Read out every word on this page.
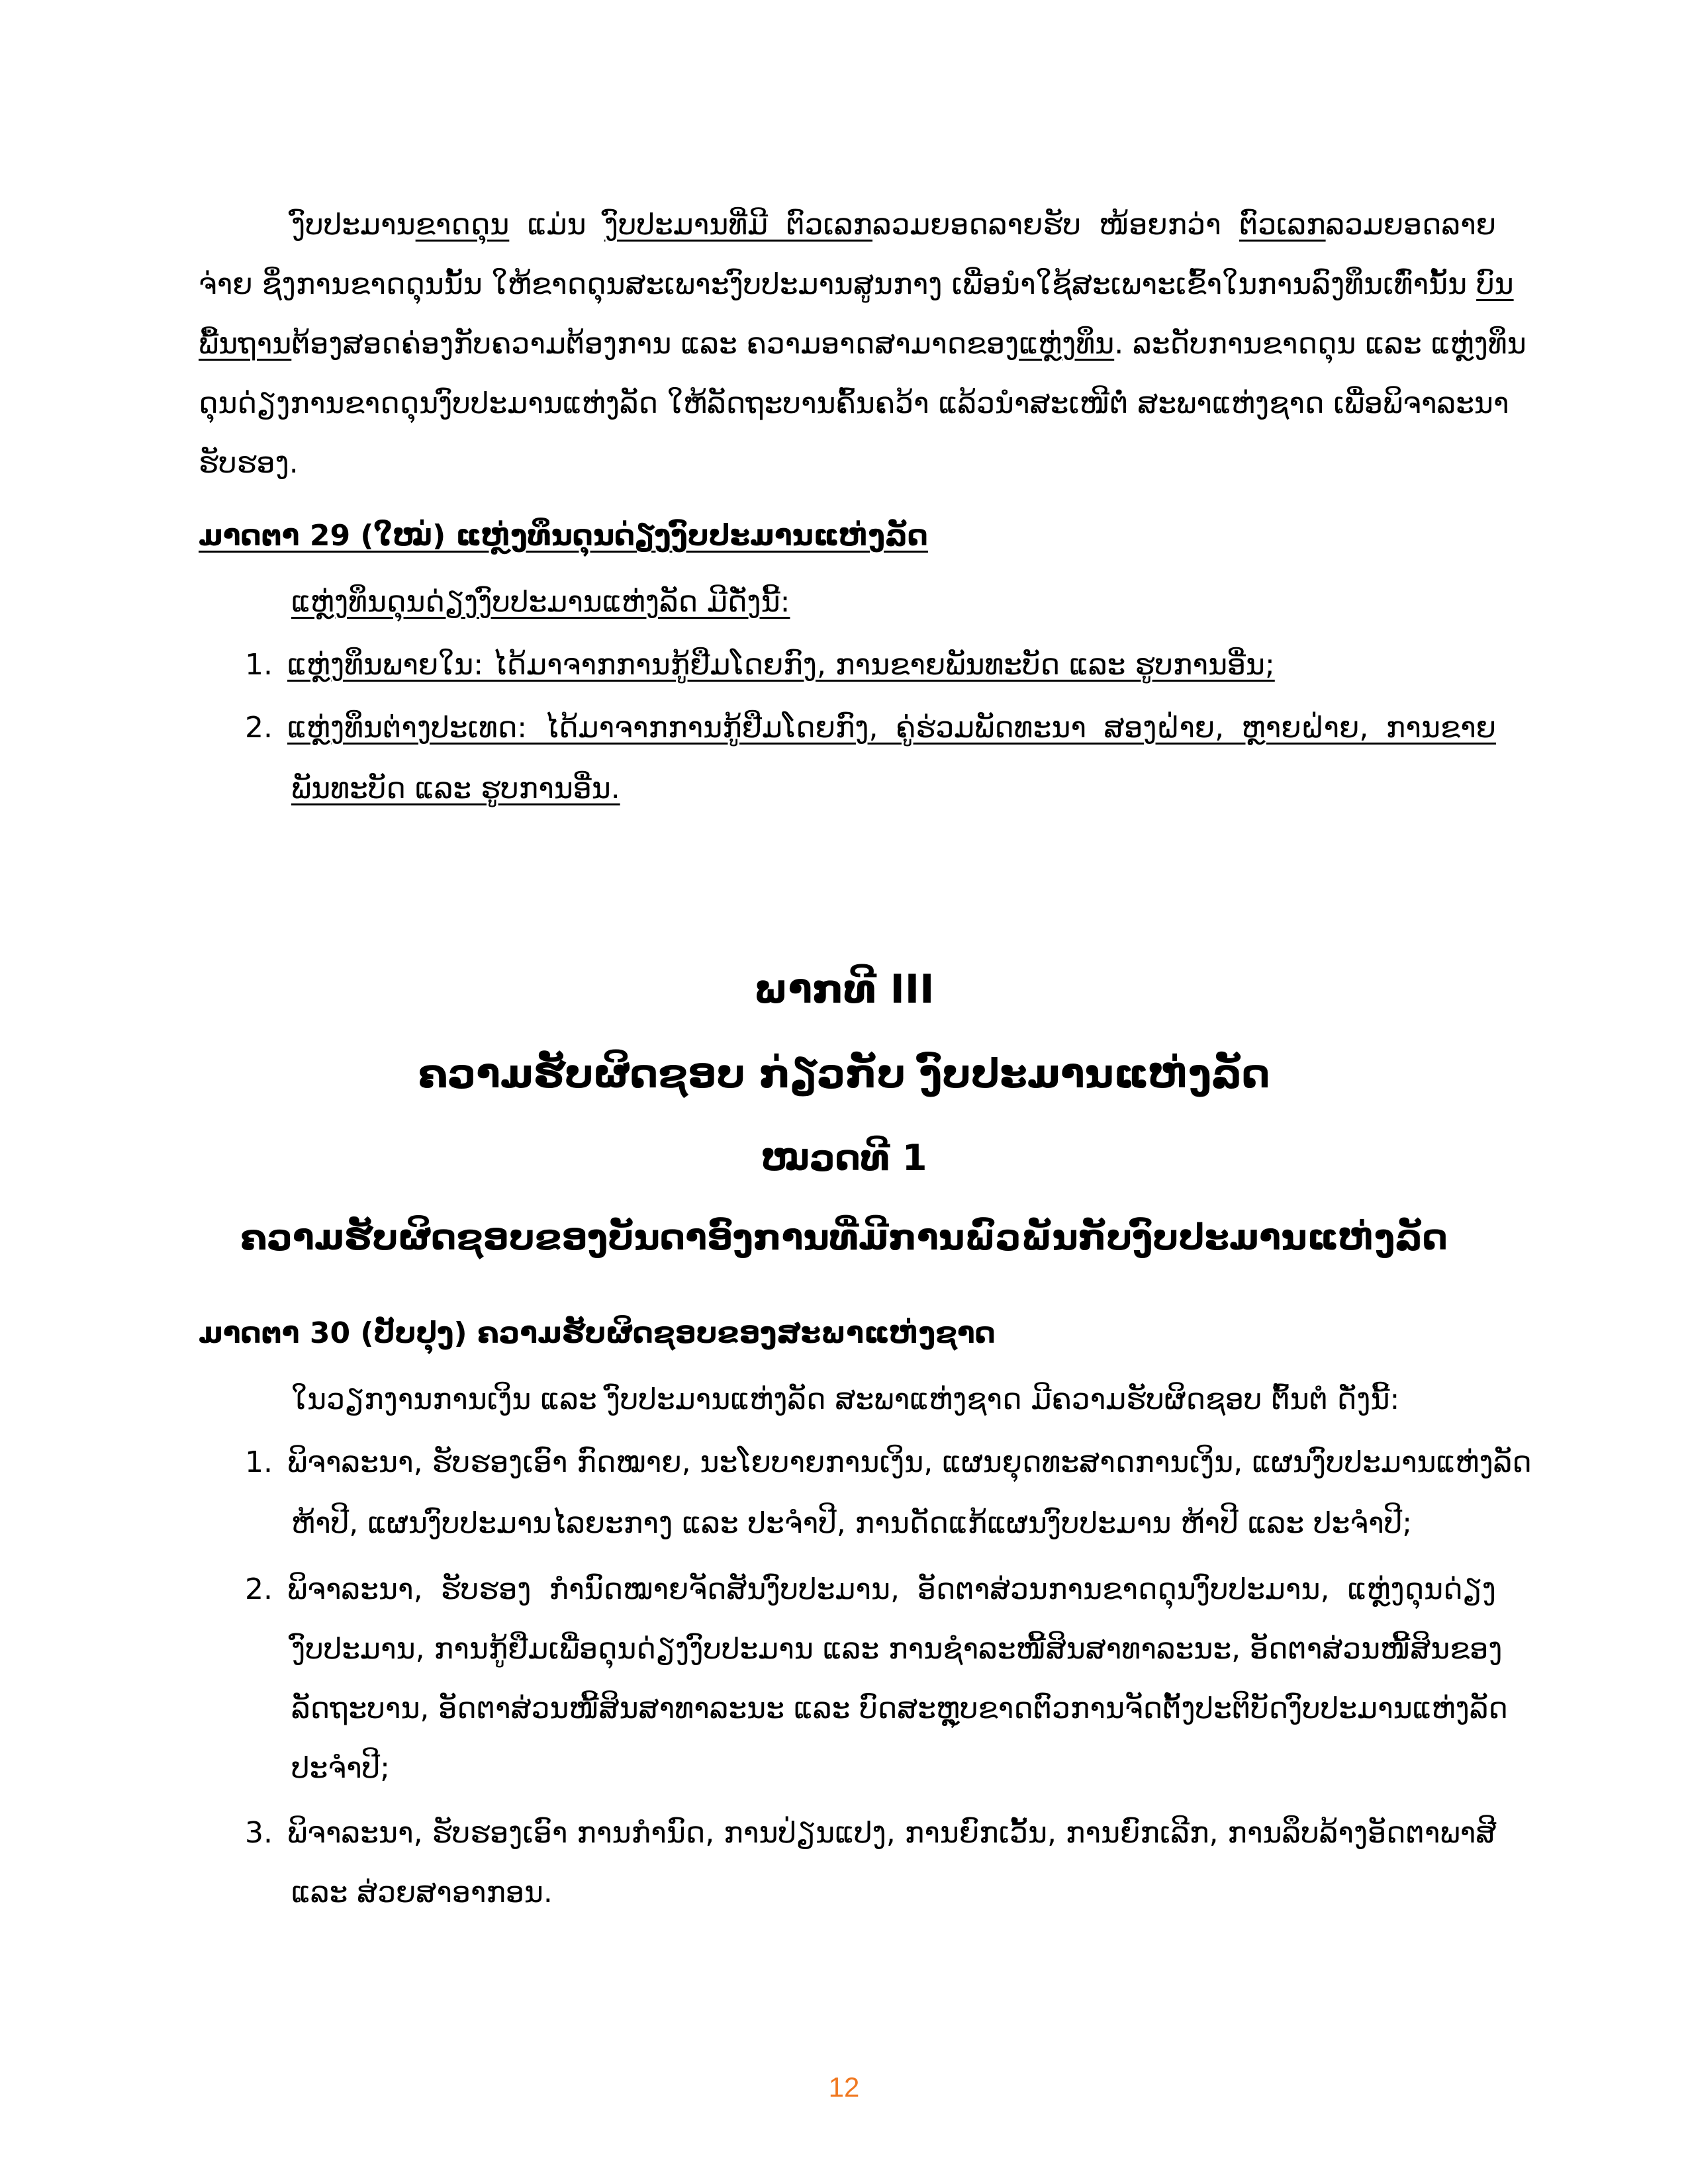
ງົບປະມານຂາດດຸນ ແມ່ນ ງົບປະມານທີ່ມີ ຕົວເລກລວມຍອດລາຍຮັບ ໜ້ອຍກວ່າ ຕົວເລກລວມຍອດລາຍ
ຈ່າຍ ຊຶ່ງການຂາດດຸນນັ້ນ ໃຫ້ຂາດດຸນສະເພາະງົບປະມານສູນກາງ ເພື່ອນຳໃຊ້ສະເພາະເຂົ້າໃນການລົງທຶນເທົ່ານັ້ນ ບົນ
ພື້ນຖານຕ້ອງສອດຄ່ອງກັບຄວາມຕ້ອງການ ແລະ ຄວາມອາດສາມາດຂອງແຫຼ່ງທຶນ. ລະດັບການຂາດດຸນ ແລະ ແຫຼ່ງທຶນ
ດຸນດ່ຽງການຂາດດຸນງົບປະມານແຫ່ງລັດ ໃຫ້ລັດຖະບານຄົ້ນຄວ້າ ແລ້ວນຳສະເໜີຕໍ່ ສະພາແຫ່ງຊາດ ເພື່ອພິຈາລະນາ
ຮັບຮອງ.
ມາດຕາ 29 (ໃໝ່) ແຫຼ່ງທຶນດຸນດ່ຽງງົບປະມານແຫ່ງລັດ
ແຫຼ່ງທຶນດຸນດ່ຽງງົບປະມານແຫ່ງລັດ ມີດັ່ງນີ້:
1. ແຫຼ່ງທຶນພາຍໃນ: ໄດ້ມາຈາກການກູ້ຢືມໂດຍກົງ, ການຂາຍພັນທະບັດ ແລະ ຮູບການອື່ນ;
2. ແຫຼ່ງທຶນຕ່າງປະເທດ: ໄດ້ມາຈາກການກູ້ຢືມໂດຍກົງ, ຄູ່ຮ່ວມພັດທະນາ ສອງຝ່າຍ, ຫຼາຍຝ່າຍ, ການຂາຍ
ພັນທະບັດ ແລະ ຮູບການອື່ນ.
ພາກທີ III
ຄວາມຮັບຜິດຊອບ ກ່ຽວກັບ ງົບປະມານແຫ່ງລັດ
ໝວດທີ 1
ຄວາມຮັບຜິດຊອບຂອງບັນດາອົງການທີ່ມີການພົວພັນກັບງົບປະມານແຫ່ງລັດ
ມາດຕາ 30 (ປັບປຸງ) ຄວາມຮັບຜິດຊອບຂອງສະພາແຫ່ງຊາດ
ໃນວຽກງານການເງິນ ແລະ ງົບປະມານແຫ່ງລັດ ສະພາແຫ່ງຊາດ ມີຄວາມຮັບຜິດຊອບ ຕົ້ນຕໍ ດັ່ງນີ້:
1. ພິຈາລະນາ, ຮັບຮອງເອົາ ກົດໝາຍ, ນະໂຍບາຍການເງິນ, ແຜນຍຸດທະສາດການເງິນ, ແຜນງົບປະມານແຫ່ງລັດ
ຫ້າປີ, ແຜນງົບປະມານໄລຍະກາງ ແລະ ປະຈຳປີ, ການດັດແກ້ແຜນງົບປະມານ ຫ້າປີ ແລະ ປະຈຳປີ;
2. ພິຈາລະນາ, ຮັບຮອງ ກຳນົດໝາຍຈັດສັນງົບປະມານ, ອັດຕາສ່ວນການຂາດດຸນງົບປະມານ, ແຫຼ່ງດຸນດ່ຽງ
ງົບປະມານ, ການກູ້ຢືມເພື່ອດຸນດ່ຽງງົບປະມານ ແລະ ການຊຳລະໜີ້ສິນສາທາລະນະ, ອັດຕາສ່ວນໜີ້ສິນຂອງ
ລັດຖະບານ, ອັດຕາສ່ວນໜີ້ສິນສາທາລະນະ ແລະ ບົດສະຫຼຸບຂາດຕົວການຈັດຕັ້ງປະຕິບັດງົບປະມານແຫ່ງລັດ
ປະຈຳປີ;
3. ພິຈາລະນາ, ຮັບຮອງເອົາ ການກຳນົດ, ການປ່ຽນແປງ, ການຍົກເວັ້ນ, ການຍົກເລີກ, ການລຶບລ້າງອັດຕາພາສີ
ແລະ ສ່ວຍສາອາກອນ.
12
